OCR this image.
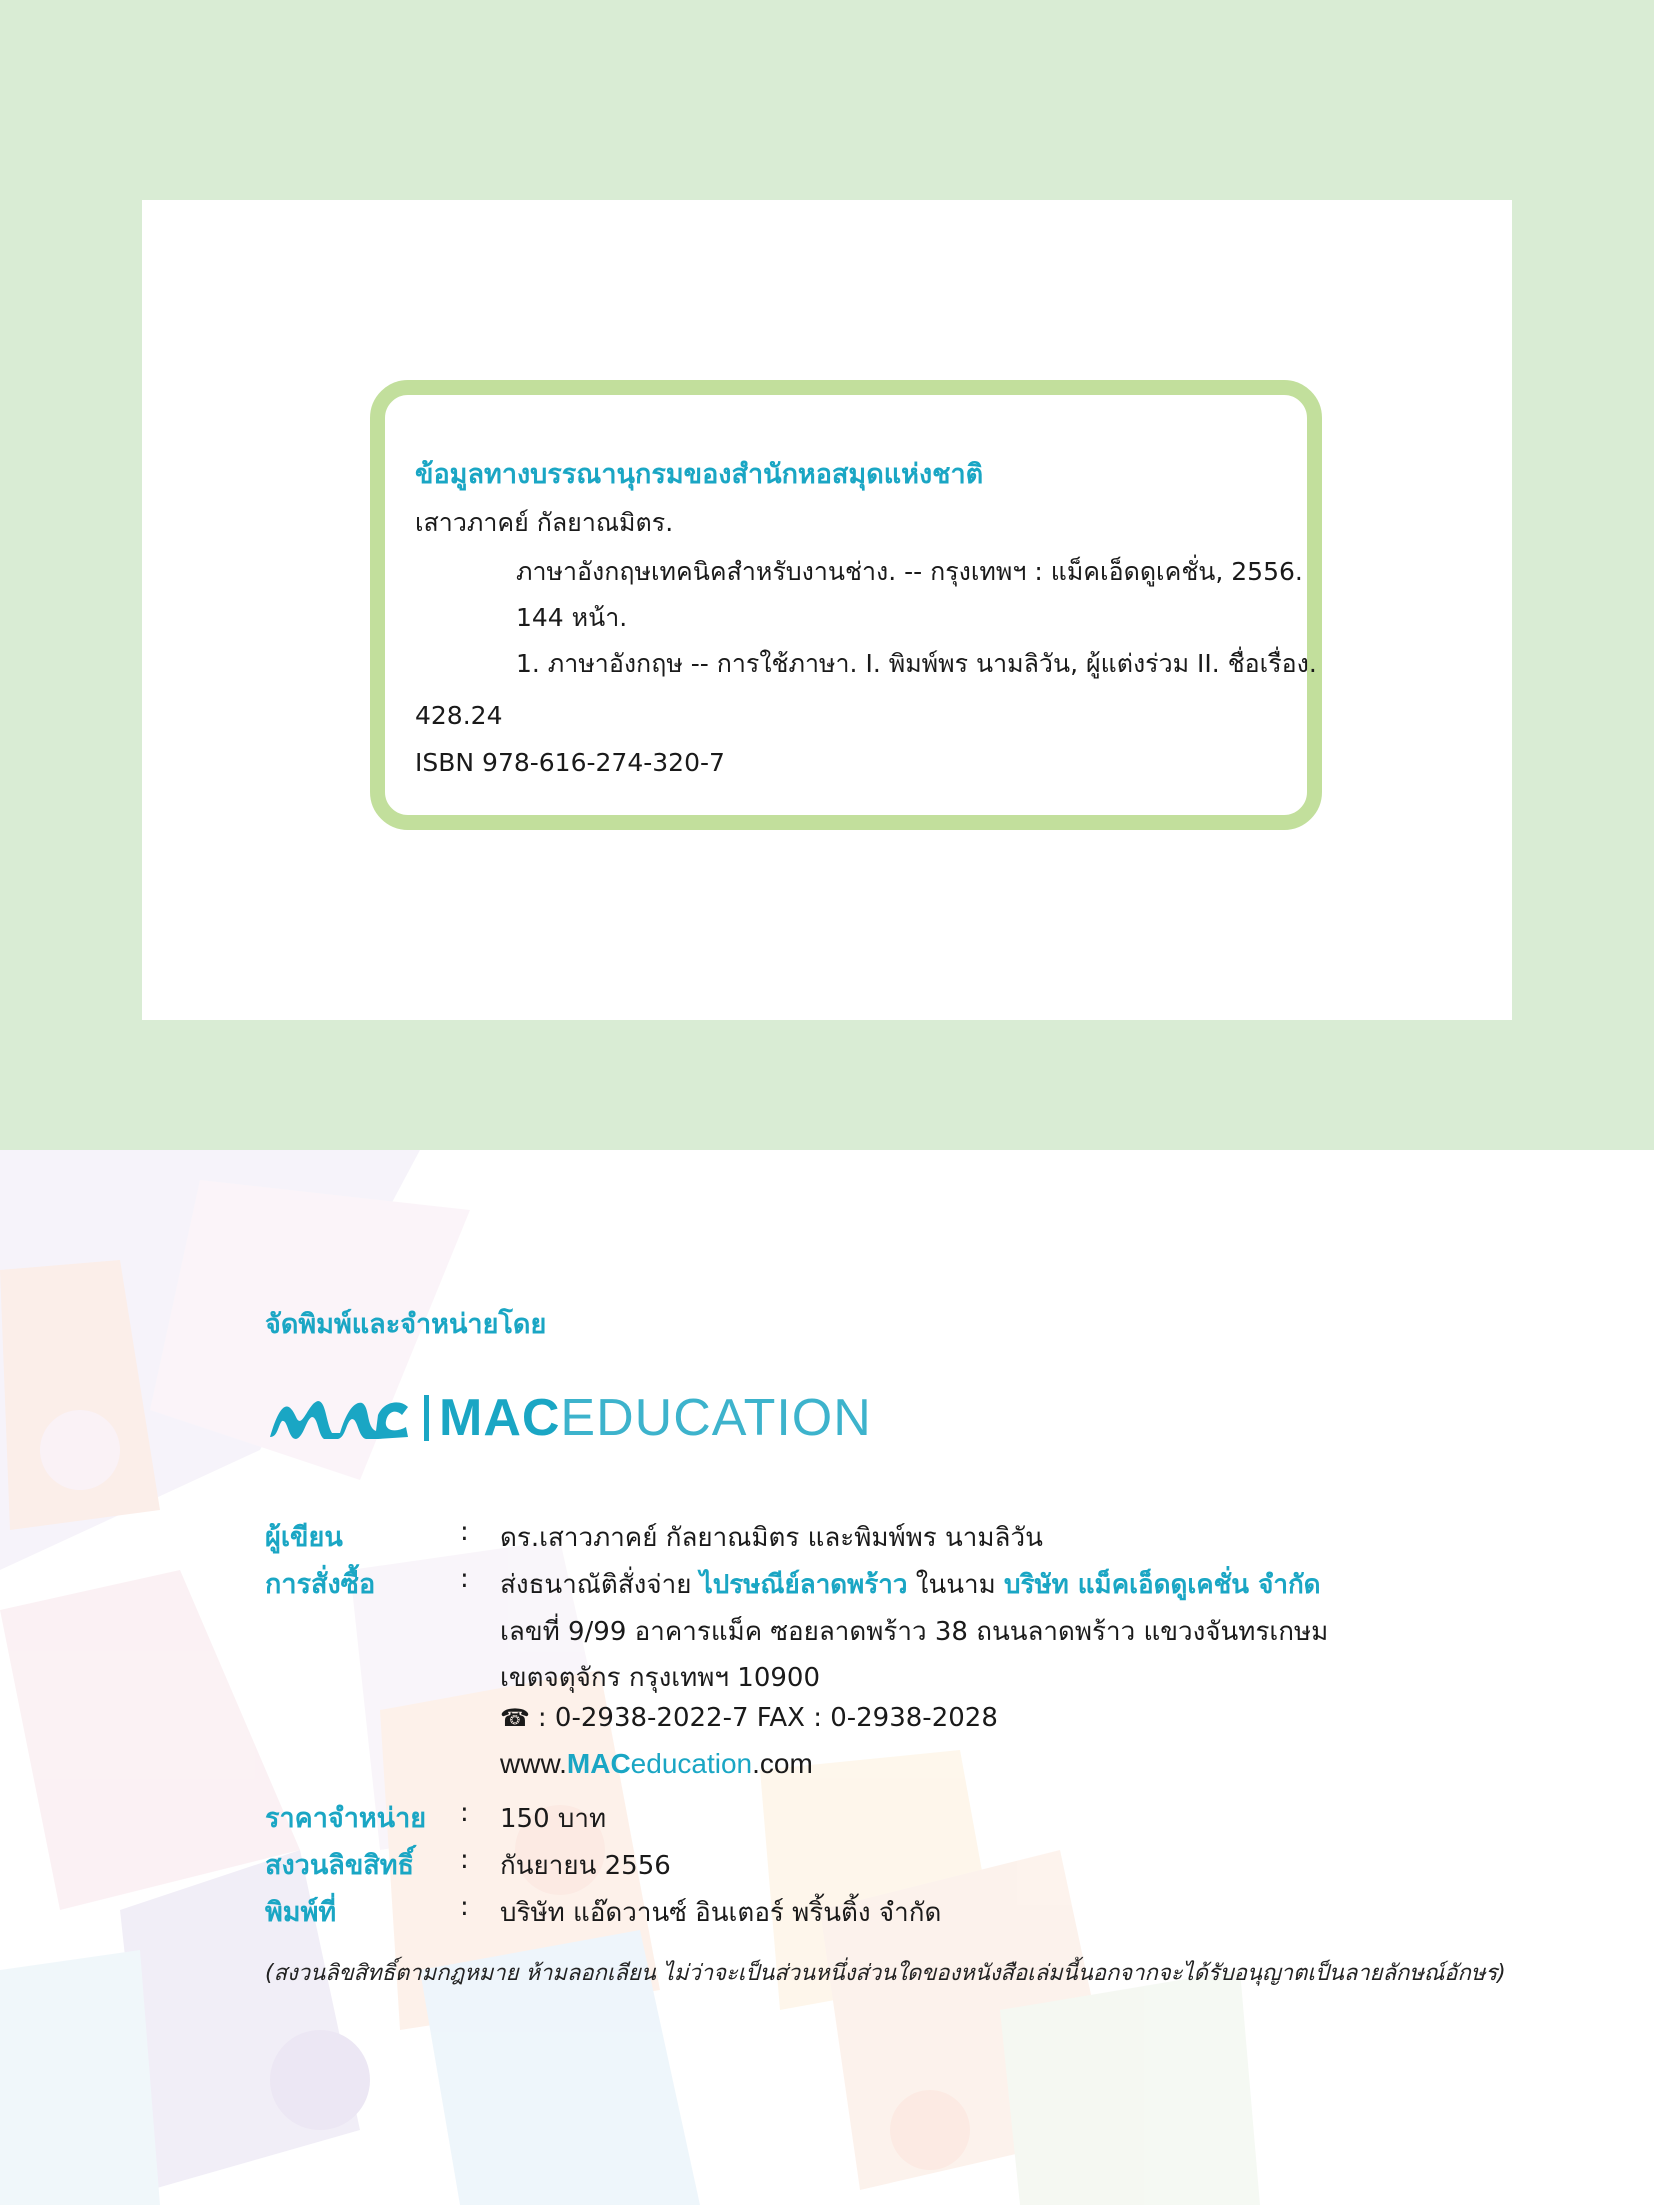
ข้อมูลทางบรรณานุกรมของสำนักหอสมุดแห่งชาติ
เสาวภาคย์ กัลยาณมิตร.
ภาษาอังกฤษเทคนิคสำหรับงานช่าง. -- กรุงเทพฯ : แม็คเอ็ดดูเคชั่น, 2556.
144 หน้า.
1. ภาษาอังกฤษ -- การใช้ภาษา. I. พิมพ์พร นามลิวัน, ผู้แต่งร่วม II. ชื่อเรื่อง.
428.24
ISBN 978-616-274-320-7
จัดพิมพ์และจำหน่ายโดย
MACEDUCATION
ผู้เขียน	: ดร.เสาวภาคย์ กัลยาณมิตร และพิมพ์พร นามลิวัน
การสั่งซื้อ	: ส่งธนาณัติสั่งจ่าย ไปรษณีย์ลาดพร้าว ในนาม บริษัท แม็คเอ็ดดูเคชั่น จำกัด
เลขที่ 9/99 อาคารแม็ค ซอยลาดพร้าว 38 ถนนลาดพร้าว แขวงจันทรเกษม
เขตจตุจักร กรุงเทพฯ 10900
☎ : 0-2938-2022-7 FAX : 0-2938-2028
www.MACeducation.com
ราคาจำหน่าย : 150 บาท
สงวนลิขสิทธิ์ : กันยายน 2556
พิมพ์ที่	: บริษัท แอ๊ดวานซ์ อินเตอร์ พริ้นติ้ง จำกัด
(สงวนลิขสิทธิ์ตามกฎหมาย ห้ามลอกเลียน ไม่ว่าจะเป็นส่วนหนึ่งส่วนใดของหนังสือเล่มนี้นอกจากจะได้รับอนุญาตเป็นลายลักษณ์อักษร)
